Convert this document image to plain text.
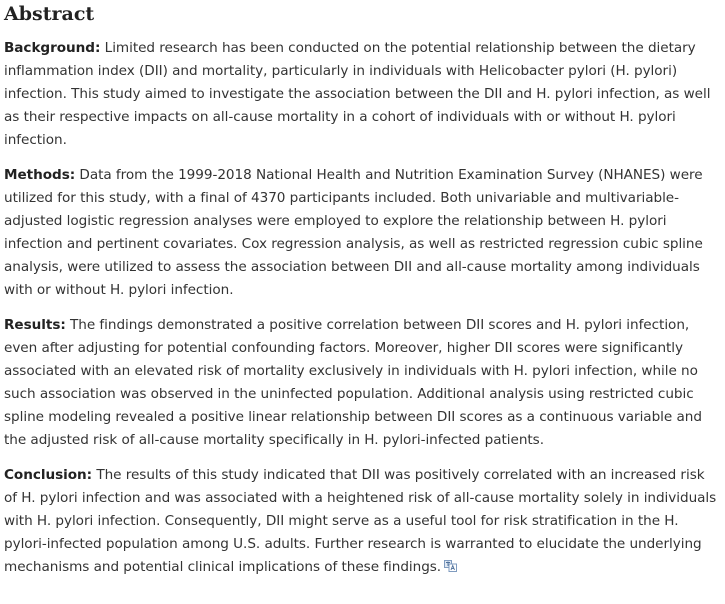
Abstract

Background: Limited research has been conducted on the potential relationship between the dietary inflammation index (DII) and mortality, particularly in individuals with Helicobacter pylori (H. pylori) infection. This study aimed to investigate the association between the DII and H. pylori infection, as well as their respective impacts on all-cause mortality in a cohort of individuals with or without H. pylori infection.

Methods: Data from the 1999-2018 National Health and Nutrition Examination Survey (NHANES) were utilized for this study, with a final of 4370 participants included. Both univariable and multivariable-adjusted logistic regression analyses were employed to explore the relationship between H. pylori infection and pertinent covariates. Cox regression analysis, as well as restricted regression cubic spline analysis, were utilized to assess the association between DII and all-cause mortality among individuals with or without H. pylori infection.

Results: The findings demonstrated a positive correlation between DII scores and H. pylori infection, even after adjusting for potential confounding factors. Moreover, higher DII scores were significantly associated with an elevated risk of mortality exclusively in individuals with H. pylori infection, while no such association was observed in the uninfected population. Additional analysis using restricted cubic spline modeling revealed a positive linear relationship between DII scores as a continuous variable and the adjusted risk of all-cause mortality specifically in H. pylori-infected patients.

Conclusion: The results of this study indicated that DII was positively correlated with an increased risk of H. pylori infection and was associated with a heightened risk of all-cause mortality solely in individuals with H. pylori infection. Consequently, DII might serve as a useful tool for risk stratification in the H. pylori-infected population among U.S. adults. Further research is warranted to elucidate the underlying mechanisms and potential clinical implications of these findings.
